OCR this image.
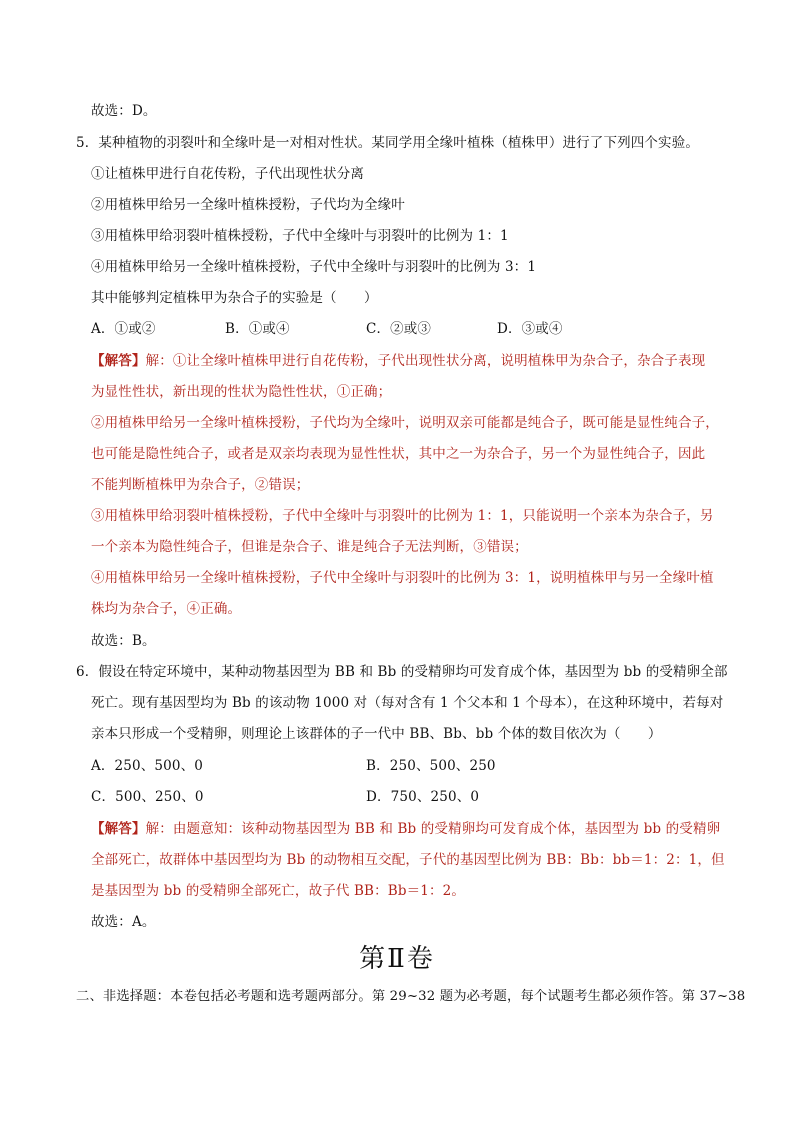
故选：D。
5．某种植物的羽裂叶和全缘叶是一对相对性状。某同学用全缘叶植株（植株甲）进行了下列四个实验。
①让植株甲进行自花传粉，子代出现性状分离
②用植株甲给另一全缘叶植株授粉，子代均为全缘叶
③用植株甲给羽裂叶植株授粉，子代中全缘叶与羽裂叶的比例为 1：1
④用植株甲给另一全缘叶植株授粉，子代中全缘叶与羽裂叶的比例为 3：1
其中能够判定植株甲为杂合子的实验是（　　）
A．①或②	B．①或④	C．②或③	D．③或④
【解答】解：①让全缘叶植株甲进行自花传粉，子代出现性状分离，说明植株甲为杂合子，杂合子表现
为显性性状，新出现的性状为隐性性状，①正确；
②用植株甲给另一全缘叶植株授粉，子代均为全缘叶，说明双亲可能都是纯合子，既可能是显性纯合子，
也可能是隐性纯合子，或者是双亲均表现为显性性状，其中之一为杂合子，另一个为显性纯合子，因此
不能判断植株甲为杂合子，②错误；
③用植株甲给羽裂叶植株授粉，子代中全缘叶与羽裂叶的比例为 1：1，只能说明一个亲本为杂合子，另
一个亲本为隐性纯合子，但谁是杂合子、谁是纯合子无法判断，③错误；
④用植株甲给另一全缘叶植株授粉，子代中全缘叶与羽裂叶的比例为 3：1，说明植株甲与另一全缘叶植
株均为杂合子，④正确。
故选：B。
6．假设在特定环境中，某种动物基因型为 BB 和 Bb 的受精卵均可发育成个体，基因型为 bb 的受精卵全部
死亡。现有基因型均为 Bb 的该动物 1000 对（每对含有 1 个父本和 1 个母本），在这种环境中，若每对
亲本只形成一个受精卵，则理论上该群体的子一代中 BB、Bb、bb 个体的数目依次为（　　）
A．250、500、0	B．250、500、250
C．500、250、0	D．750、250、0
【解答】解：由题意知：该种动物基因型为 BB 和 Bb 的受精卵均可发育成个体，基因型为 bb 的受精卵
全部死亡，故群体中基因型均为 Bb 的动物相互交配，子代的基因型比例为 BB：Bb：bb＝1：2：1，但
是基因型为 bb 的受精卵全部死亡，故子代 BB：Bb＝1：2。
故选：A。
第Ⅱ卷
二、非选择题：本卷包括必考题和选考题两部分。第 29~32 题为必考题，每个试题考生都必须作答。第 37~38
